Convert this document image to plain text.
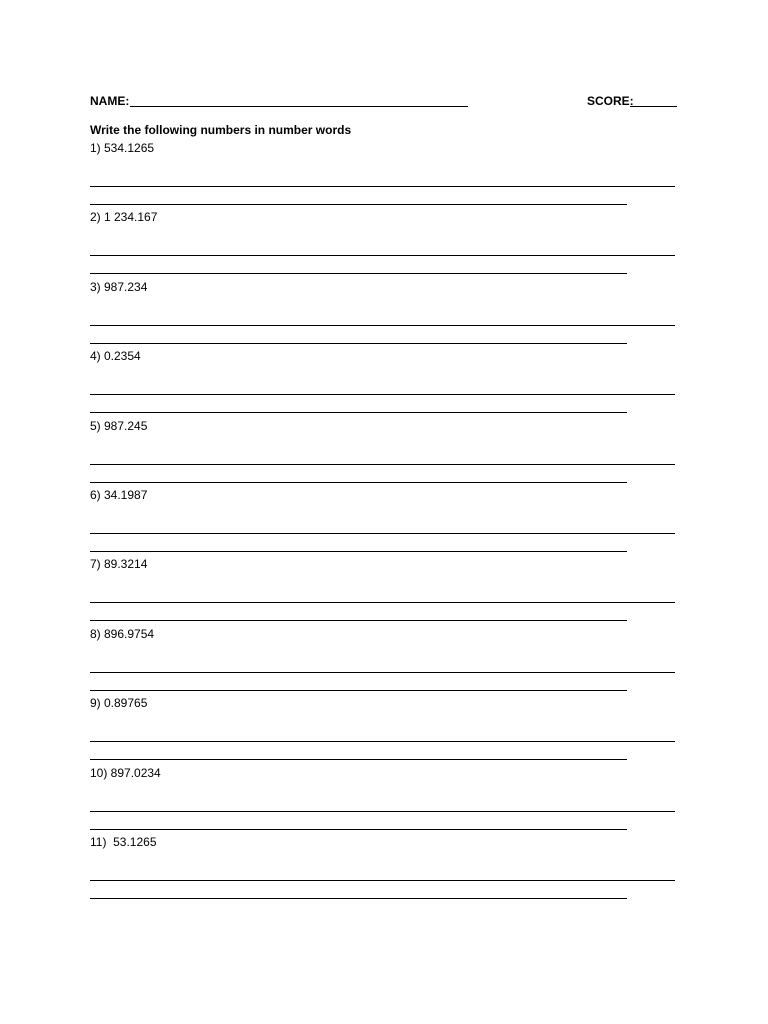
NAME:	SCORE:
Write the following numbers in number words
1) 534.1265
2) 1 234.167
3) 987.234
4) 0.2354
5) 987.245
6) 34.1987
7) 89.3214
8) 896.9754
9) 0.89765
10) 897.0234
11)  53.1265
